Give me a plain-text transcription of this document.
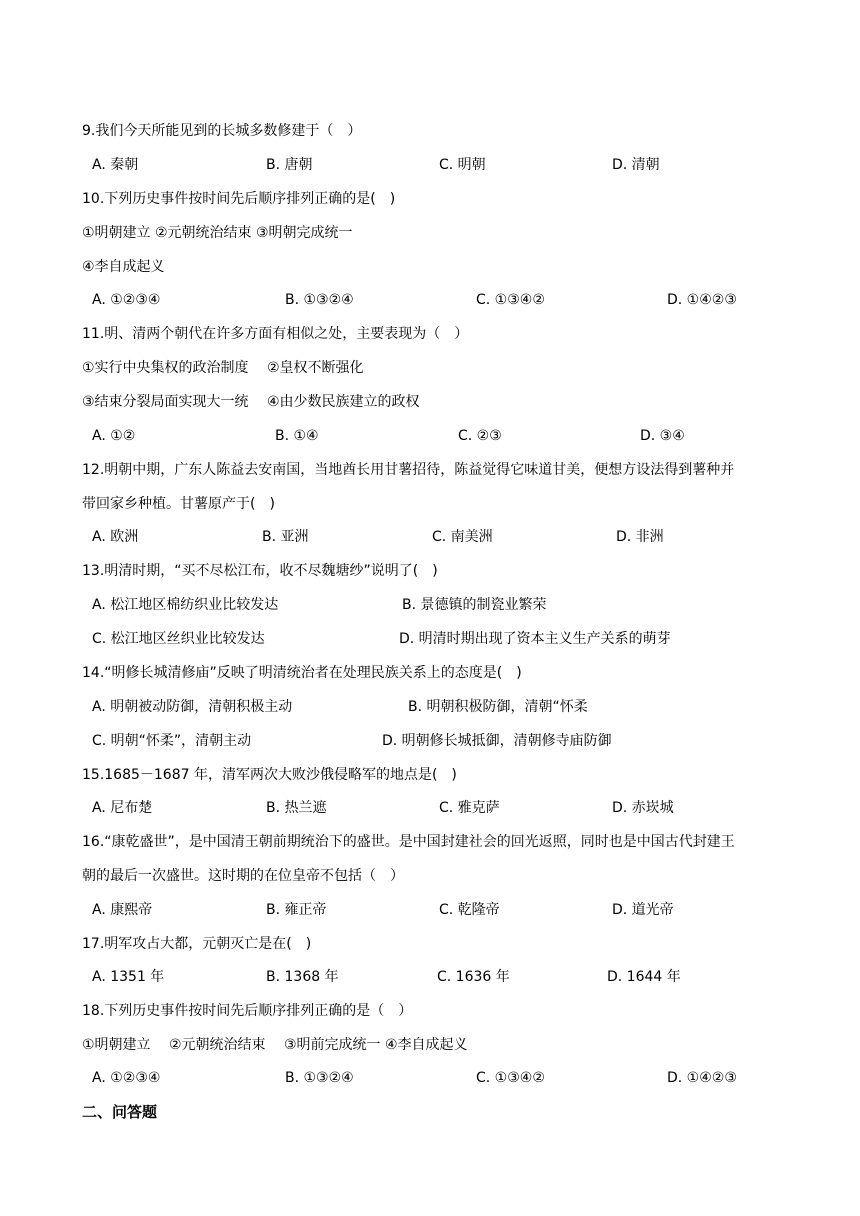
9.我们今天所能见到的长城多数修建于（　）
A. 秦朝	B. 唐朝	C. 明朝	D. 清朝
10.下列历史事件按时间先后顺序排列正确的是(　)
①明朝建立 ②元朝统治结束 ③明朝完成统一
④李自成起义
A. ①②③④	B. ①③②④	C. ①③④②	D. ①④②③
11.明、清两个朝代在许多方面有相似之处，主要表现为（　）
①实行中央集权的政治制度　 ②皇权不断强化
③结束分裂局面实现大一统　 ④由少数民族建立的政权
A. ①②	B. ①④	C. ②③	D. ③④
12.明朝中期，广东人陈益去安南国，当地酋长用甘薯招待，陈益觉得它味道甘美，便想方设法得到薯种并
带回家乡种植。甘薯原产于(　)
A. 欧洲	B. 亚洲	C. 南美洲	D. 非洲
13.明清时期，“买不尽松江布，收不尽魏塘纱”说明了(　)
A. 松江地区棉纺织业比较发达	B. 景德镇的制瓷业繁荣
C. 松江地区丝织业比较发达	D. 明清时期出现了资本主义生产关系的萌芽
14.“明修长城清修庙”反映了明清统治者在处理民族关系上的态度是(　)
A. 明朝被动防御，清朝积极主动	B. 明朝积极防御，清朝“怀柔
C. 明朝“怀柔”，清朝主动	D. 明朝修长城抵御，清朝修寺庙防御
15.1685－1687 年，清军两次大败沙俄侵略军的地点是(　)
A. 尼布楚	B. 热兰遮	C. 雅克萨	D. 赤崁城
16.“康乾盛世”，是中国清王朝前期统治下的盛世。是中国封建社会的回光返照，同时也是中国古代封建王
朝的最后一次盛世。这时期的在位皇帝不包括（　）
A. 康熙帝	B. 雍正帝	C. 乾隆帝	D. 道光帝
17.明军攻占大都，元朝灭亡是在(　)
A. 1351 年	B. 1368 年	C. 1636 年	D. 1644 年
18.下列历史事件按时间先后顺序排列正确的是（　）
①明朝建立　 ②元朝统治结束　 ③明前完成统一 ④李自成起义
A. ①②③④	B. ①③②④	C. ①③④②	D. ①④②③
二、问答题
